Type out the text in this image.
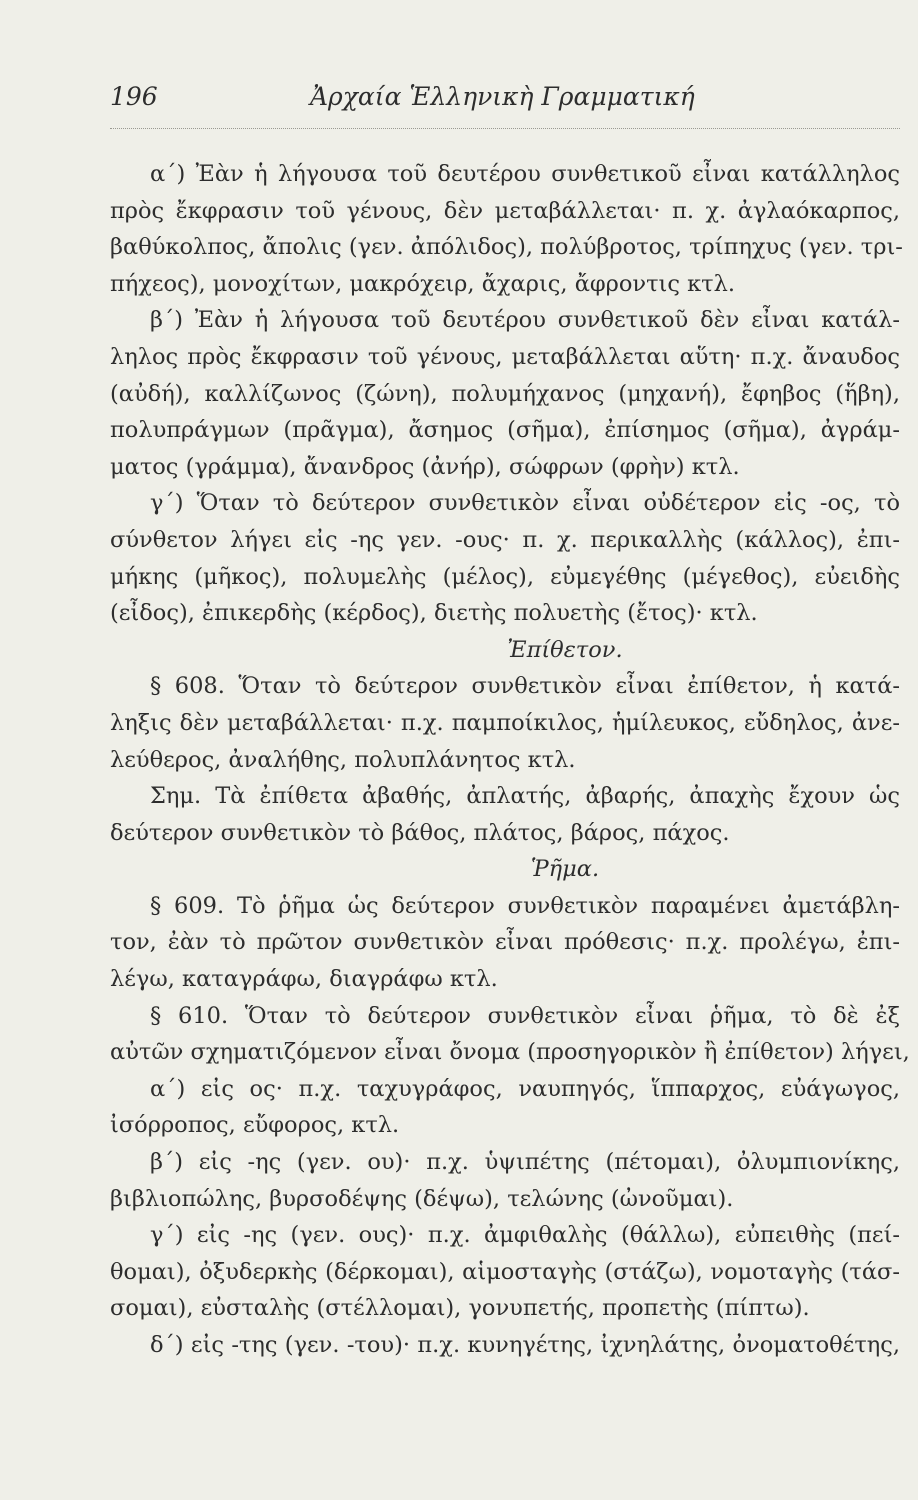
196	Ἀρχαία Ἑλληνικὴ Γραμματική
α΄) Ἐὰν ἡ λήγουσα τοῦ δευτέρου συνθετικοῦ εἶναι κατάλληλος
πρὸς ἔκφρασιν τοῦ γένους, δὲν μεταβάλλεται· π. χ. ἀγλαόκαρπος,
βαθύκολπος, ἄπολις (γεν. ἀπόλιδος), πολύβροτος, τρίπηχυς (γεν. τρι-
πήχεος), μονοχίτων, μακρόχειρ, ἄχαρις, ἄφροντις κτλ.
β΄) Ἐὰν ἡ λήγουσα τοῦ δευτέρου συνθετικοῦ δὲν εἶναι κατάλ-
ληλος πρὸς ἔκφρασιν τοῦ γένους, μεταβάλλεται αὕτη· π.χ. ἄναυδος
(αὐδή), καλλίζωνος (ζώνη), πολυμήχανος (μηχανή), ἔφηβος (ἥβη),
πολυπράγμων (πρᾶγμα), ἄσημος (σῆμα), ἐπίσημος (σῆμα), ἀγράμ-
ματος (γράμμα), ἄνανδρος (ἀνήρ), σώφρων (φρὴν) κτλ.
γ΄) Ὅταν τὸ δεύτερον συνθετικὸν εἶναι οὐδέτερον εἰς -ος, τὸ
σύνθετον λήγει εἰς -ης γεν. -ους· π. χ. περικαλλὴς (κάλλος), ἐπι-
μήκης (μῆκος), πολυμελὴς (μέλος), εὐμεγέθης (μέγεθος), εὐειδὴς
(εἶδος), ἐπικερδὴς (κέρδος), διετὴς πολυετὴς (ἔτος)· κτλ.
Ἐπίθετον.
§ 608. Ὅταν τὸ δεύτερον συνθετικὸν εἶναι ἐπίθετον, ἡ κατά-
ληξις δὲν μεταβάλλεται· π.χ. παμποίκιλος, ἡμίλευκος, εὔδηλος, ἀνε-
λεύθερος, ἀναλήθης, πολυπλάνητος κτλ.
Σημ. Τὰ ἐπίθετα ἀβαθής, ἀπλατής, ἀβαρής, ἀπαχὴς ἔχουν ὡς
δεύτερον συνθετικὸν τὸ βάθος, πλάτος, βάρος, πάχος.
Ῥῆμα.
§ 609. Τὸ ῥῆμα ὡς δεύτερον συνθετικὸν παραμένει ἀμετάβλη-
τον, ἐὰν τὸ πρῶτον συνθετικὸν εἶναι πρόθεσις· π.χ. προλέγω, ἐπι-
λέγω, καταγράφω, διαγράφω κτλ.
§ 610. Ὅταν τὸ δεύτερον συνθετικὸν εἶναι ῥῆμα, τὸ δὲ ἐξ
αὐτῶν σχηματιζόμενον εἶναι ὄνομα (προσηγορικὸν ἢ ἐπίθετον) λήγει,
α΄) εἰς ος· π.χ. ταχυγράφος, ναυπηγός, ἵππαρχος, εὐάγωγος,
ἰσόρροπος, εὔφορος, κτλ.
β΄) εἰς -ης (γεν. ου)· π.χ. ὑψιπέτης (πέτομαι), ὀλυμπιονίκης,
βιβλιοπώλης, βυρσοδέψης (δέψω), τελώνης (ὠνοῦμαι).
γ΄) εἰς -ης (γεν. ους)· π.χ. ἀμφιθαλὴς (θάλλω), εὐπειθὴς (πεί-
θομαι), ὀξυδερκὴς (δέρκομαι), αἱμοσταγὴς (στάζω), νομοταγὴς (τάσ-
σομαι), εὐσταλὴς (στέλλομαι), γονυπετής, προπετὴς (πίπτω).
δ΄) εἰς -της (γεν. -του)· π.χ. κυνηγέτης, ἰχνηλάτης, ὀνοματοθέτης,
